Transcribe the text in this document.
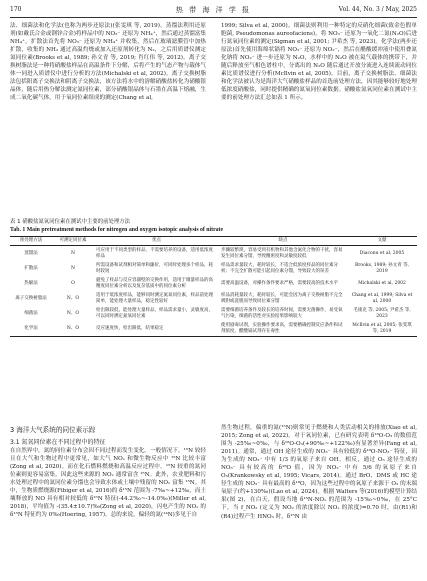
170	热 带 海 洋 学 报	Vol. 44, No. 3 / May, 2025

法、细菌法和化学法(也称为两步还原法)(张雯琪 等, 2019)。蒸馏法利用还原剂(如戴氏合金或钢锌合金)将样品中的 NO₃⁻ 还原为 NH₄⁺，然后通过蒸馏富集 NH₄⁺，扩散法首先将 NO₃⁻ 还原为 NH₄⁺ 并收集，然后在玻璃滤膜管中加热扩散，收集的 NH₃ 通过高温灼烧或加入还原剂转化为 N₂，之后用质谱仪测定氮同位素(Brooks et al, 1989; 孙文青 等, 2019; 肖红伟 等, 2012)。离子交换树脂法是一种将硝酸盐样品在高温条件下分解，后将产生的气态产物与载体气体一同进入质谱仪中进行分析的方法(Michalski et al, 2002)。离子交换树脂法包括阳离子交换法和阴离子交换法，该方法将水中的溶解硝酸盐转化为硝酸银晶体，随后用热分解法测定氮同位素，部分硝酸银晶体与石墨在高温下熔融，生成二氧化碳气体，用于氧同位素组成的测定(Chang et al,

1999; Silva et al, 2000)。细菌法则利用一种特定的反硝化细菌(致金色假单胞菌, Pseudomonas aureofaciens)，将 NO₃⁻ 还原为一氧化二氮(N₂O)后进行氮氧同位素的测定(Sigman et al, 2001; 尹希杰 等, 2023)。化学法(两步还原法)首先使用海绵状镉将 NO₃⁻ 还原为 NO₂⁻，然后在醋酸缓冲液中使用叠氮化钠将 NO₂⁻ 进一步还原为 N₂O，水样中的 N₂O 被在氦气载体的携带下，并随后释放至气相色谱柱中，分离出的 N₂O 随后通过开放分流进入连续流动同位素比质谱仪进行分析(McIlvin et al, 2005)。目前，离子交换树脂法、细菌法和化学法被认为是海洋大气硝酸盐样品的首选前处理方法，因其能够较好地处理低浓度硝酸盐，同时提供精确的氮氧同位素数据。硝酸盐氮氧同位素在测试中主要的前处理方法汇总如表 1 所示。

表 1 硝酸盐氮氧同位素在测试中主要的前处理方法
Tab. 1 Main pretreatment methods for nitrogen and oxygen isotopic analysis of nitrate
预处理方法	可测定同位素	优点	缺点	文献
蒸馏法	N	可应用于不同类型的样品，不需要培养的设备，适用低浓度样品	步骤较繁琐，容易受到有机物和其他含氮化合物的干扰，容易发生同位素分馏，导致精密度和灵敏度较低	Diaconu et al, 2005
扩散法	N	所需设备和试剂相对简单和廉价，可同时处理多个样品，耗时较短	样品需求量较大，耗时较长，不适合低浓度样品的同位素分析；不完全扩散可能引起同位素分馏，导致较大的误差	Brooks, 1989; 孙文青 等, 2019
热解法	O	避免了样品与反应容器壁的交换作用，适用于微量样品的高精度同位素分析以及复杂基质中的同位素分析	需要高温设备，对操作条件要求严格，需要较高的技术水平	Michalski et al, 2002
离子交换树脂法	N、O	适用于低浓度样品，能够同时测定氮氧同位素，样品前处理简单，能处理大量样品，稳定性较好	样品消耗量较大，耗时较长，可能会因为离子交换树脂不完全吸附或洗脱而导致同位素分馏	Chang et al, 1999; Silva et al, 2000
细菌法	N、O	检出限较低，能处理大量样品，样品需求量小，灵敏度高，可以同时测定氮氧同位素	需要细菌培养条件及较长的培养时间，需要无菌操作，易受氧气污染，细菌的活性对实验结果影响较大	毛康克 等, 2005; 尹希杰 等, 2023
化学法	N、O	反应速度快，检出限低，结果稳定	使用剧毒试剂，实验操作要求高，需要精确控制反应条件和试剂浓度，醋酸镉试剂存在毒性	McIlvin et al, 2005; 张雯琪 等, 2019
3 海洋大气系统的同位素示踪
3.1 氮氧同位素在不同过程中的特征

在自然界中，氮的同位素分布会因不同过程而发生变化。一般情况下，¹⁵N 较轻且在大气和生物过程中更常见，如大气 NOₓ 和微生物反应中 ¹⁵N 比较丰富(Zong et al, 2020)。而在化石燃料燃烧和高温反应过程中，¹⁵N 较重的氮同位素则更容易富集，因此这些来源的 NOₓ 通常富含 ¹⁵N。此外，农业肥料和污水处理过程中的氮同位素分馏也会导致水体或土壤中残留的 NOₓ 富集 ¹⁵N。其中，生物质燃烧源(Fibiger et al, 2016)的 δ¹⁵N 范围为 -7‰~+12‰，而土壤释放的 NO 具有相对较低的 δ¹⁵N 特征(-44.2‰~-14.0‰)(Miller et al, 2018)，平均值为 -(35.4±10.7)‰(Zong et al, 2020)，闪电产生的 NOₓ 的 δ¹⁵N 特征约为 0‰(Hoering, 1957)。总的来说，偏轻的氮(¹⁴N)多见于自

然生物过程，偏重的氮(¹⁵N)则常见于燃烧和人类活动相关的排放(Xiao et al, 2015; Zong et al, 2022)。对于氧同位素，已有研究表明 δ¹⁸O-O₃ 的数值范围为 -25‰~0‰，与 δ¹⁸O-O₃(+90‰~+122‰)有显著差异(Fang et al, 2011)。通常，通过 OH 途径生成的 NO₃⁻ 具有较低的 δ¹⁸O-NO₃⁻ 特征，因为生成的 NO₃⁻ 中有 1/3 的氧原子来自 OH。相反，通过 O₃ 途径生成的 NO₃⁻ 具有较高的 δ¹⁸O 值，因为 NO₃⁻ 中有 5/6 的氧原子来自 O₃(Krankowsky et al, 1995; Vicars, 2014)。通过 BrO、DMS 或 HC 途径生成的 NO₃⁻ 具有最高的 δ¹⁸O，因为这些过程中的氧原子来源于 O₃ 的末端氧原子(约+130‰)(Lao et al, 2024)。根据 Walters 等(2016)的模型计算结果(图 2)，在白天，假设当地 δ¹⁵N-NOₓ 的范围为 -15‰~0‰，在 25°C 下，当 f_NO₂ (定义为 NO₂ 的浓度除以 NOₓ 的浓度)=0.70 时，由(R1)和(R4)过程产生 HNO₃ 时，δ¹⁵N 由
